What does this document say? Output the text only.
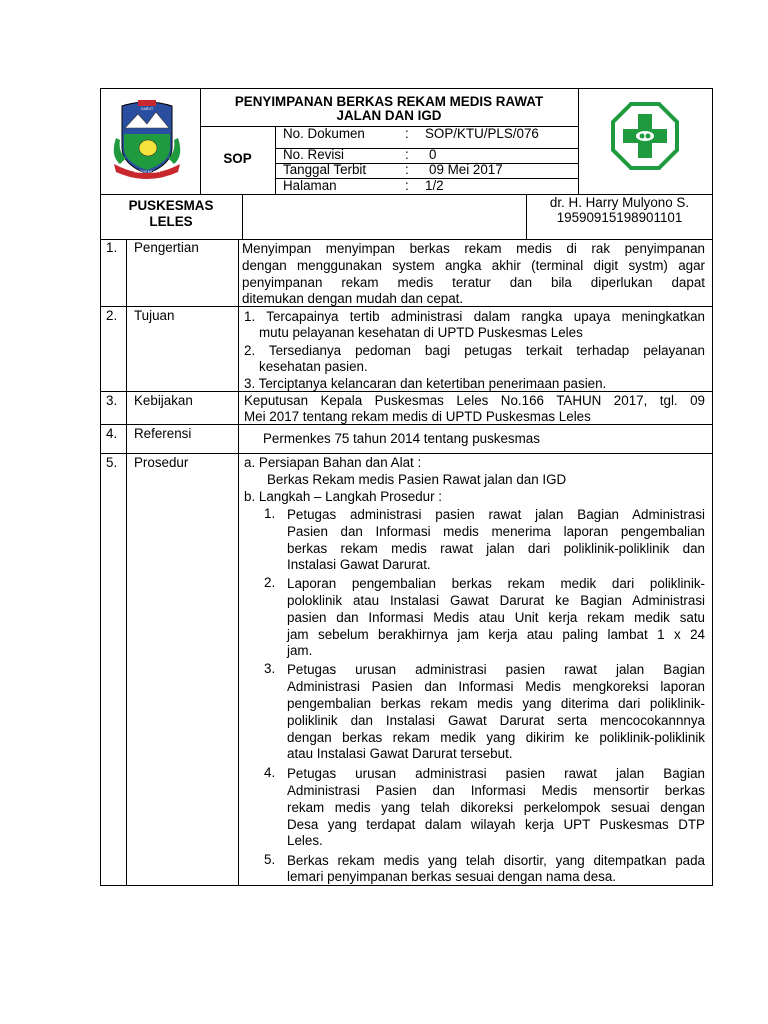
SUGIH MUKTI
GARUT	PENYIMPANAN BERKAS REKAM MEDIS RAWAT
JALAN DAN IGD
SOP
No. Dokumen	: SOP/KTU/PLS/076
No. Revisi	: 0
Tanggal Terbit	: 09 Mei 2017
Halaman	: 1/2
PUSKESMAS
LELES
dr. H. Harry Mulyono S.
19590915198901101
1. Pengertian	Menyimpan menyimpan berkas rekam medis di rak penyimpanan
dengan menggunakan system angka akhir (terminal digit systm) agar
penyimpanan rekam medis teratur dan bila diperlukan dapat
ditemukan dengan mudah dan cepat.
2. Tujuan	1. Tercapainya tertib administrasi dalam rangka upaya meningkatkan
mutu pelayanan kesehatan di UPTD Puskesmas Leles
2. Tersedianya pedoman bagi petugas terkait terhadap pelayanan
kesehatan pasien.
3. Terciptanya kelancaran dan ketertiban penerimaan pasien.
3. Kebijakan	Keputusan Kepala Puskesmas Leles No.166 TAHUN 2017, tgl. 09
Mei 2017 tentang rekam medis di UPTD Puskesmas Leles
4. Referensi	Permenkes 75 tahun 2014 tentang puskesmas
5. Prosedur	a. Persiapan Bahan dan Alat :
Berkas Rekam medis Pasien Rawat jalan dan IGD
b. Langkah – Langkah Prosedur :
1. Petugas administrasi pasien rawat jalan Bagian Administrasi
Pasien dan Informasi medis menerima laporan pengembalian
berkas rekam medis rawat jalan dari poliklinik-poliklinik dan
Instalasi Gawat Darurat.
2. Laporan pengembalian berkas rekam medik dari poliklinik-
poloklinik atau Instalasi Gawat Darurat ke Bagian Administrasi
pasien dan Informasi Medis atau Unit kerja rekam medik satu
jam sebelum berakhirnya jam kerja atau paling lambat 1 x 24
jam.
3. Petugas urusan administrasi pasien rawat jalan Bagian
Administrasi Pasien dan Informasi Medis mengkoreksi laporan
pengembalian berkas rekam medis yang diterima dari poliklinik-
poliklinik dan Instalasi Gawat Darurat serta mencocokannnya
dengan berkas rekam medik yang dikirim ke poliklinik-poliklinik
atau Instalasi Gawat Darurat tersebut.
4. Petugas urusan administrasi pasien rawat jalan Bagian
Administrasi Pasien dan Informasi Medis mensortir berkas
rekam medis yang telah dikoreksi perkelompok sesuai dengan
Desa yang terdapat dalam wilayah kerja UPT Puskesmas DTP
Leles.
5. Berkas rekam medis yang telah disortir, yang ditempatkan pada
lemari penyimpanan berkas sesuai dengan nama desa.
